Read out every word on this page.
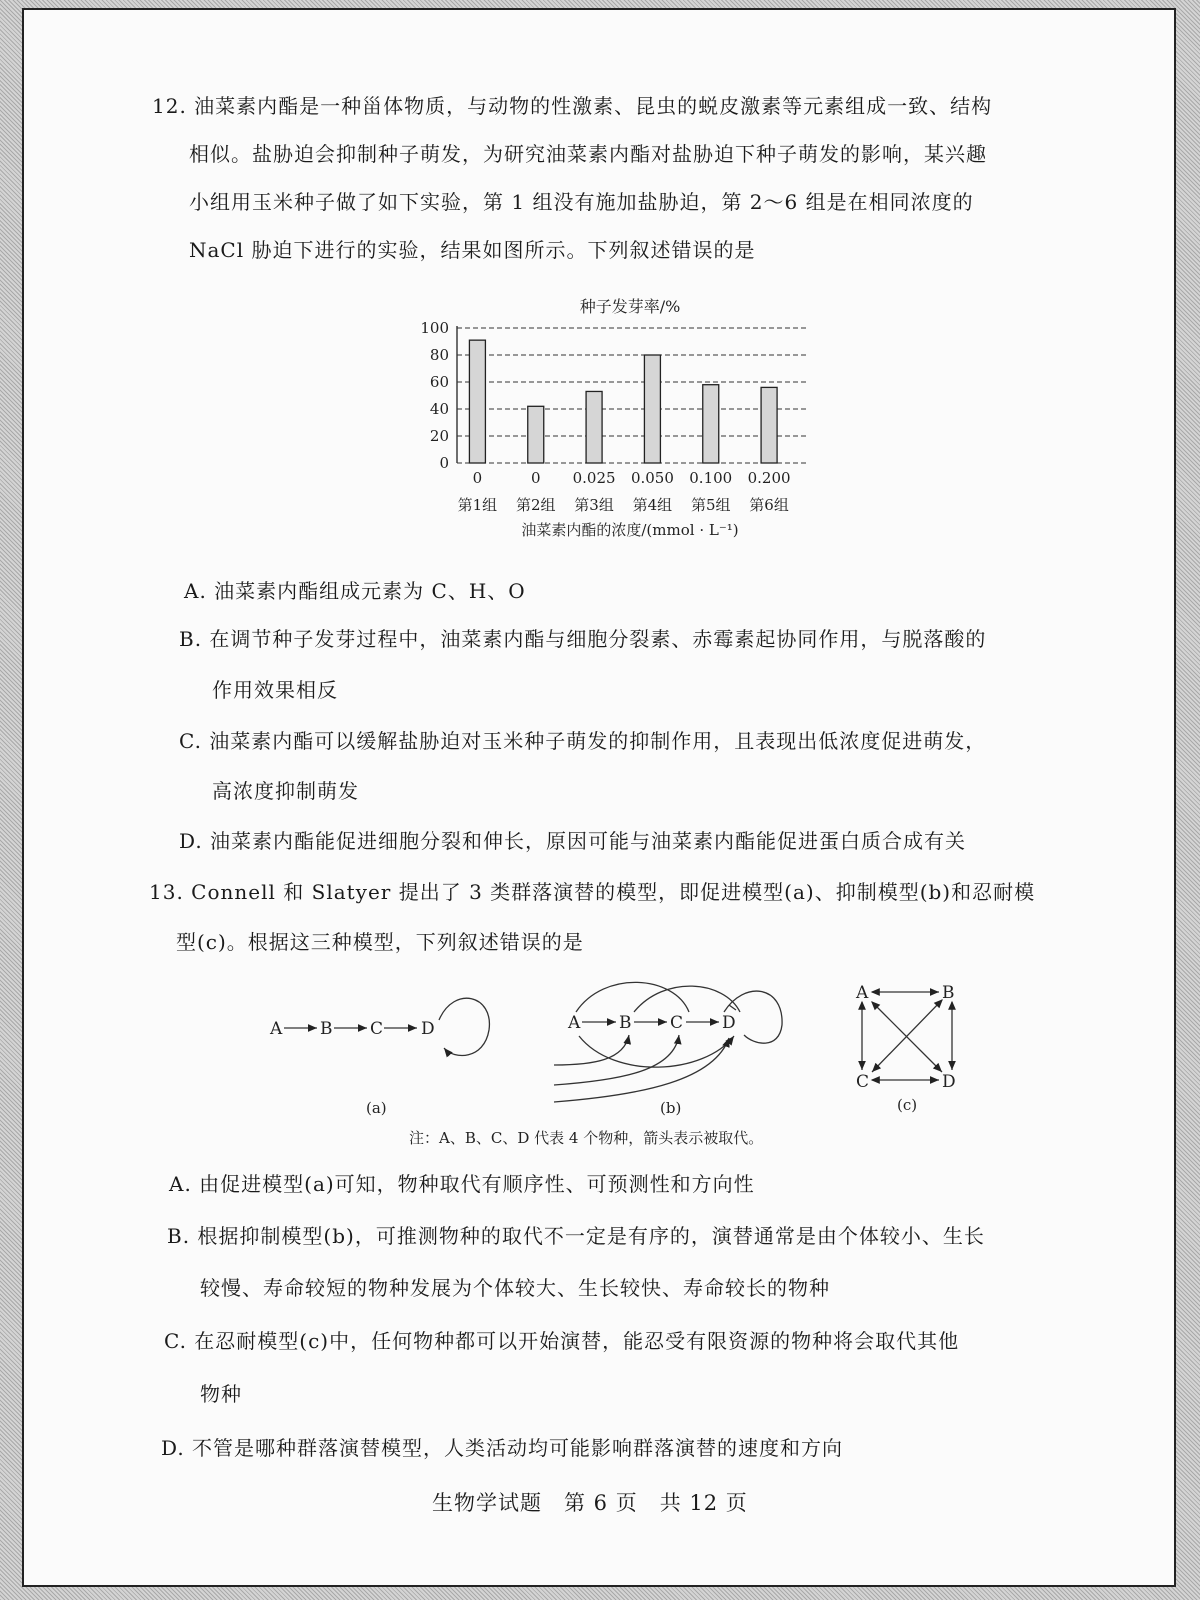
12. 油菜素内酯是一种甾体物质，与动物的性激素、昆虫的蜕皮激素等元素组成一致、结构
相似。盐胁迫会抑制种子萌发，为研究油菜素内酯对盐胁迫下种子萌发的影响，某兴趣
小组用玉米种子做了如下实验，第 1 组没有施加盐胁迫，第 2～6 组是在相同浓度的
NaCl 胁迫下进行的实验，结果如图所示。下列叙述错误的是
种子发芽率/%
0
20
40
60
80
100
0
第1组
0
第2组
0.025
第3组
0.050
第4组
0.100
第5组
0.200
第6组
油菜素内酯的浓度/(mmol · L⁻¹)
A. 油菜素内酯组成元素为 C、H、O
B. 在调节种子发芽过程中，油菜素内酯与细胞分裂素、赤霉素起协同作用，与脱落酸的
作用效果相反
C. 油菜素内酯可以缓解盐胁迫对玉米种子萌发的抑制作用，且表现出低浓度促进萌发，
高浓度抑制萌发
D. 油菜素内酯能促进细胞分裂和伸长，原因可能与油菜素内酯能促进蛋白质合成有关
13. Connell 和 Slatyer 提出了 3 类群落演替的模型，即促进模型(a)、抑制模型(b)和忍耐模
型(c)。根据这三种模型，下列叙述错误的是
A B C D	A B C D
A	B
C	D
(a)	(b)	(c)
注：A、B、C、D 代表 4 个物种，箭头表示被取代。
A. 由促进模型(a)可知，物种取代有顺序性、可预测性和方向性
B. 根据抑制模型(b)，可推测物种的取代不一定是有序的，演替通常是由个体较小、生长
较慢、寿命较短的物种发展为个体较大、生长较快、寿命较长的物种
C. 在忍耐模型(c)中，任何物种都可以开始演替，能忍受有限资源的物种将会取代其他
物种
D. 不管是哪种群落演替模型，人类活动均可能影响群落演替的速度和方向
生物学试题　第 6 页　共 12 页
